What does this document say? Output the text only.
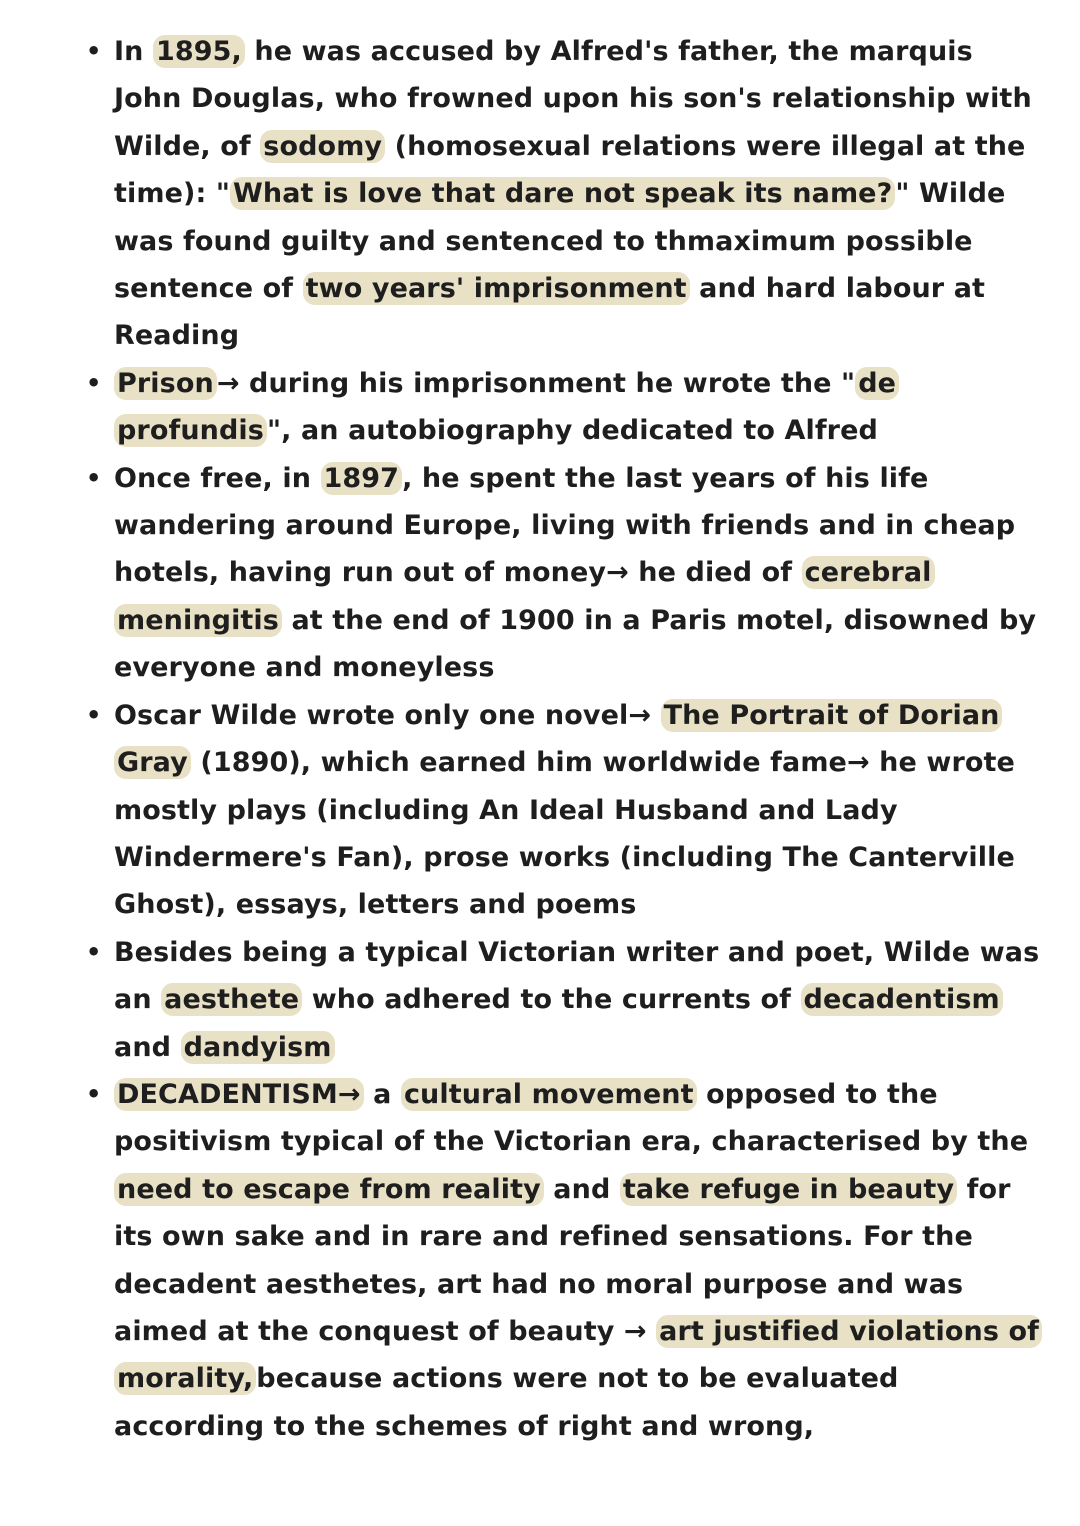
• In 1895, he was accused by Alfred's father, the marquis John Douglas, who frowned upon his son's relationship with Wilde, of sodomy (homosexual relations were illegal at the time): " What is love that dare not speak its name? " Wilde was found guilty and sentenced to thmaximum possible sentence of two years' imprisonment and hard labour at Reading
• Prison → during his imprisonment he wrote the " de profundis ", an autobiography dedicated to Alfred
• Once free, in 1897 , he spent the last years of his life wandering around Europe, living with friends and in cheap hotels, having run out of money→ he died of cerebral meningitis at the end of 1900 in a Paris motel, disowned by everyone and moneyless
• Oscar Wilde wrote only one novel→ The Portrait of Dorian Gray (1890), which earned him worldwide fame→ he wrote mostly plays (including An Ideal Husband and Lady Windermere's Fan), prose works (including The Canterville Ghost), essays, letters and poems
• Besides being a typical Victorian writer and poet, Wilde was an aesthete who adhered to the currents of decadentism and dandyism
• DECADENTISM→ a cultural movement opposed to the positivism typical of the Victorian era, characterised by the need to escape from reality and take refuge in beauty for its own sake and in rare and refined sensations. For the decadent aesthetes, art had no moral purpose and was aimed at the conquest of beauty → art justified violations of morality, because actions were not to be evaluated according to the schemes of right and wrong,
